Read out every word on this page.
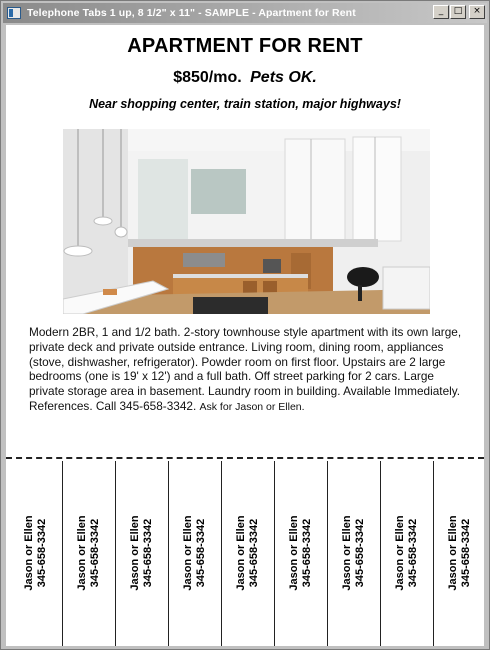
Telephone Tabs 1 up, 8 1/2" x 11" - SAMPLE - Apartment for Rent	_	□	×
APARTMENT FOR RENT
$850/mo. Pets OK.
Near shopping center, train station, major highways!
Modern 2BR, 1 and 1/2 bath. 2-story townhouse style apartment with its own large, private deck and private outside entrance. Living room, dining room, appliances (stove, dishwasher, refrigerator). Powder room on first floor. Upstairs are 2 large bedrooms (one is 19' x 12') and a full bath. Off street parking for 2 cars. Large private storage area in basement. Laundry room in building. Available Immediately. References. Call 345-658-3342. Ask for Jason or Ellen.
Jason or Ellen
345-658-3342	Jason or Ellen
345-658-3342	Jason or Ellen
345-658-3342	Jason or Ellen
345-658-3342	Jason or Ellen
345-658-3342	Jason or Ellen
345-658-3342	Jason or Ellen
345-658-3342	Jason or Ellen
345-658-3342	Jason or Ellen
345-658-3342
